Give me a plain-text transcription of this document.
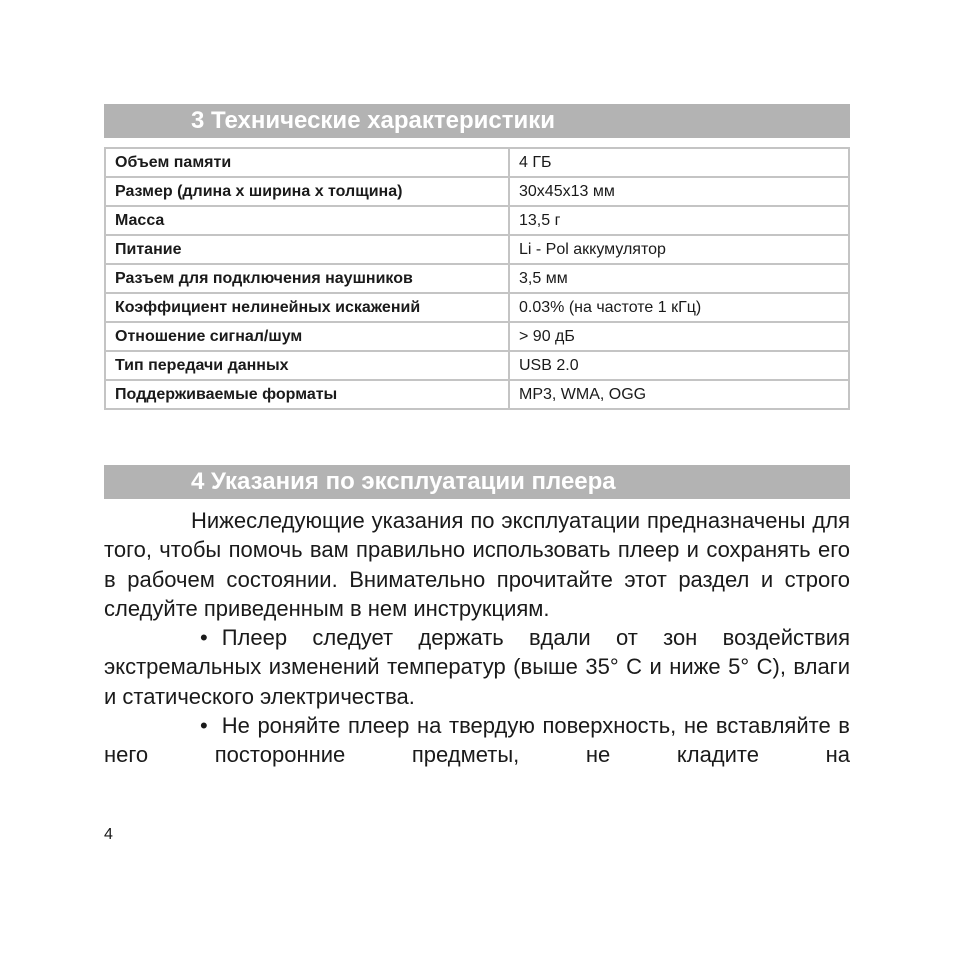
3 Технические характеристики
Объем памяти	4 ГБ
Размер (длина x ширина x толщина)	30x45x13 мм
Масса	13,5 г
Питание	Li - Pol аккумулятор
Разъем для подключения наушников	3,5 мм
Коэффициент нелинейных искажений	0.03% (на частоте 1 кГц)
Отношение сигнал/шум	> 90 дБ
Тип передачи данных	USB 2.0
Поддерживаемые форматы	MP3, WMA, OGG
4 Указания по эксплуатации плеера

Нижеследующие указания по эксплуатации предназначены для того, чтобы помочь вам правильно использовать плеер и сохранять его в рабочем состоянии. Внимательно прочитайте этот раздел и строго следуйте приведенным в нем инструкциям.

• Плеер следует держать вдали от зон воздействия экстремальных изменений температур (выше 35° С и ниже 5° С), влаги и статического электричества.

• Не роняйте плеер на твердую поверхность, не вставляйте в него посторонние предметы, не кладите на

4
